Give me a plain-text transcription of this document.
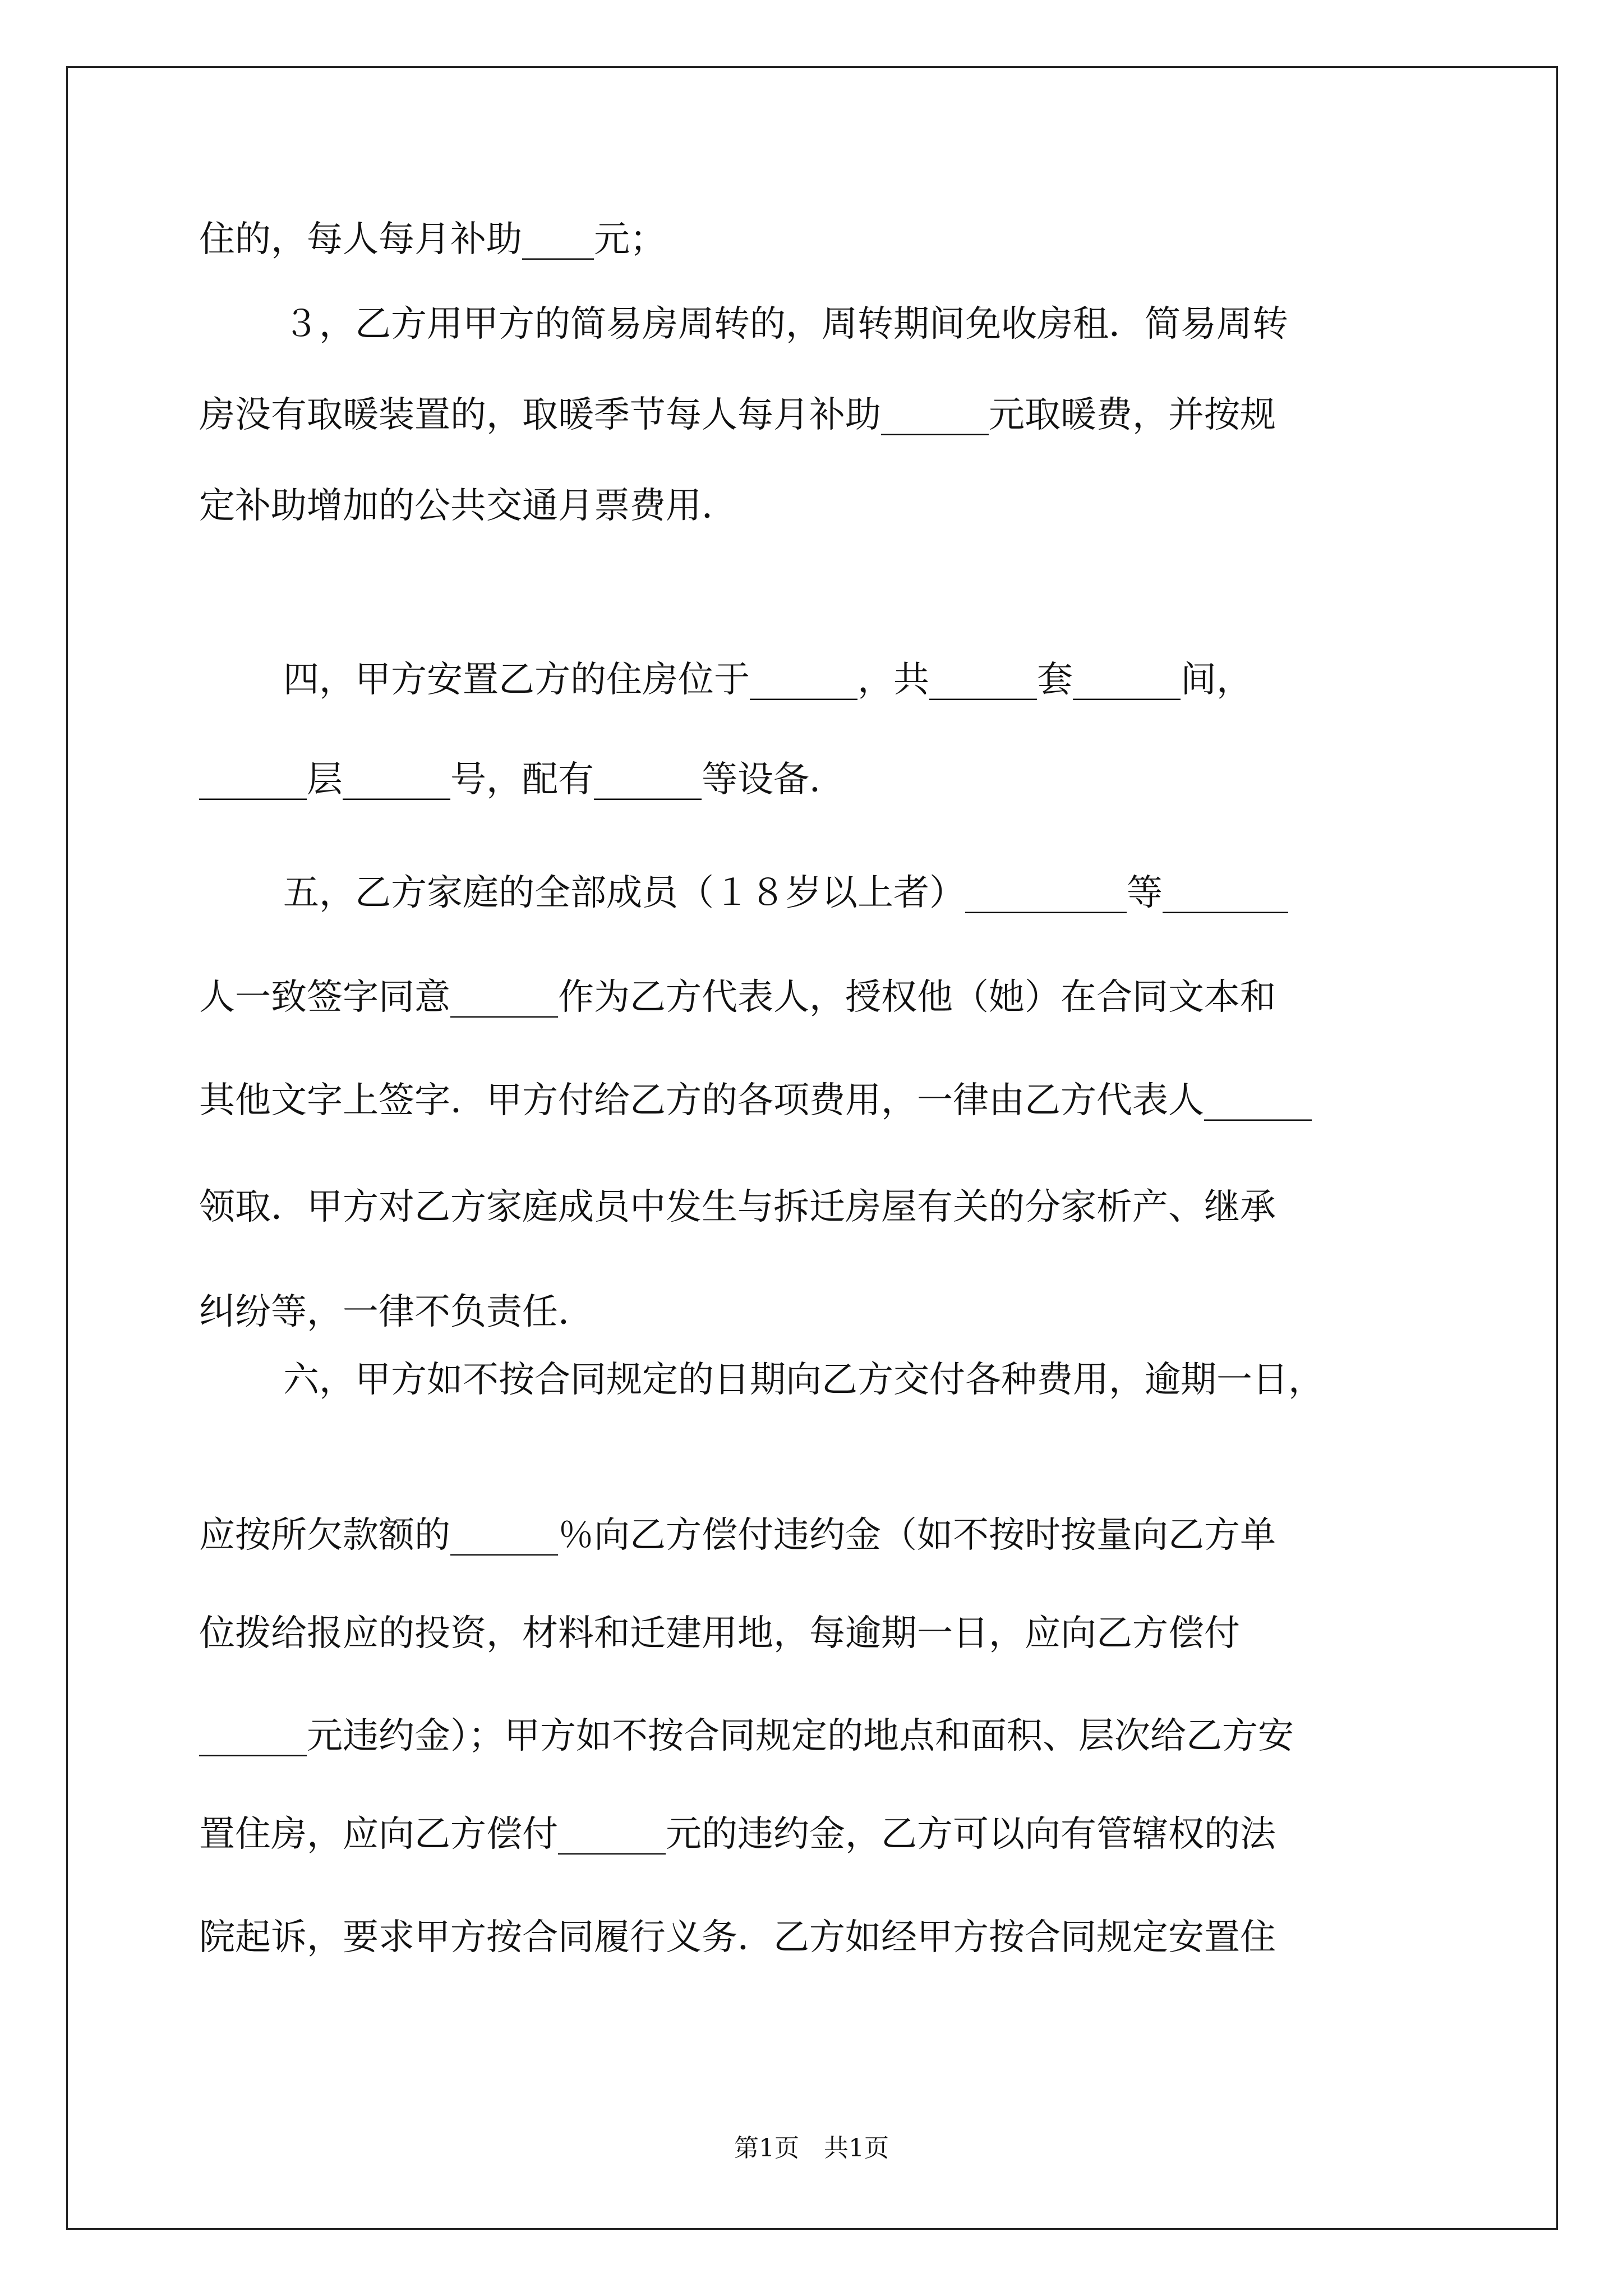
住的，每人每月补助____元；
３，乙方用甲方的简易房周转的，周转期间免收房租．简易周转
房没有取暖装置的，取暖季节每人每月补助______元取暖费，并按规
定补助增加的公共交通月票费用．
四，甲方安置乙方的住房位于______，共______套______间，
______层______号，配有______等设备．
五，乙方家庭的全部成员（１８岁以上者）_________等_______
人一致签字同意______作为乙方代表人，授权他（她）在合同文本和
其他文字上签字．甲方付给乙方的各项费用，一律由乙方代表人______
领取．甲方对乙方家庭成员中发生与拆迁房屋有关的分家析产、继承
纠纷等，一律不负责任．
六，甲方如不按合同规定的日期向乙方交付各种费用，逾期一日，
应按所欠款额的______％向乙方偿付违约金（如不按时按量向乙方单
位拨给报应的投资，材料和迁建用地，每逾期一日，应向乙方偿付
______元违约金）；甲方如不按合同规定的地点和面积、层次给乙方安
置住房，应向乙方偿付______元的违约金，乙方可以向有管辖权的法
院起诉，要求甲方按合同履行义务．乙方如经甲方按合同规定安置住
第1页　共1页
